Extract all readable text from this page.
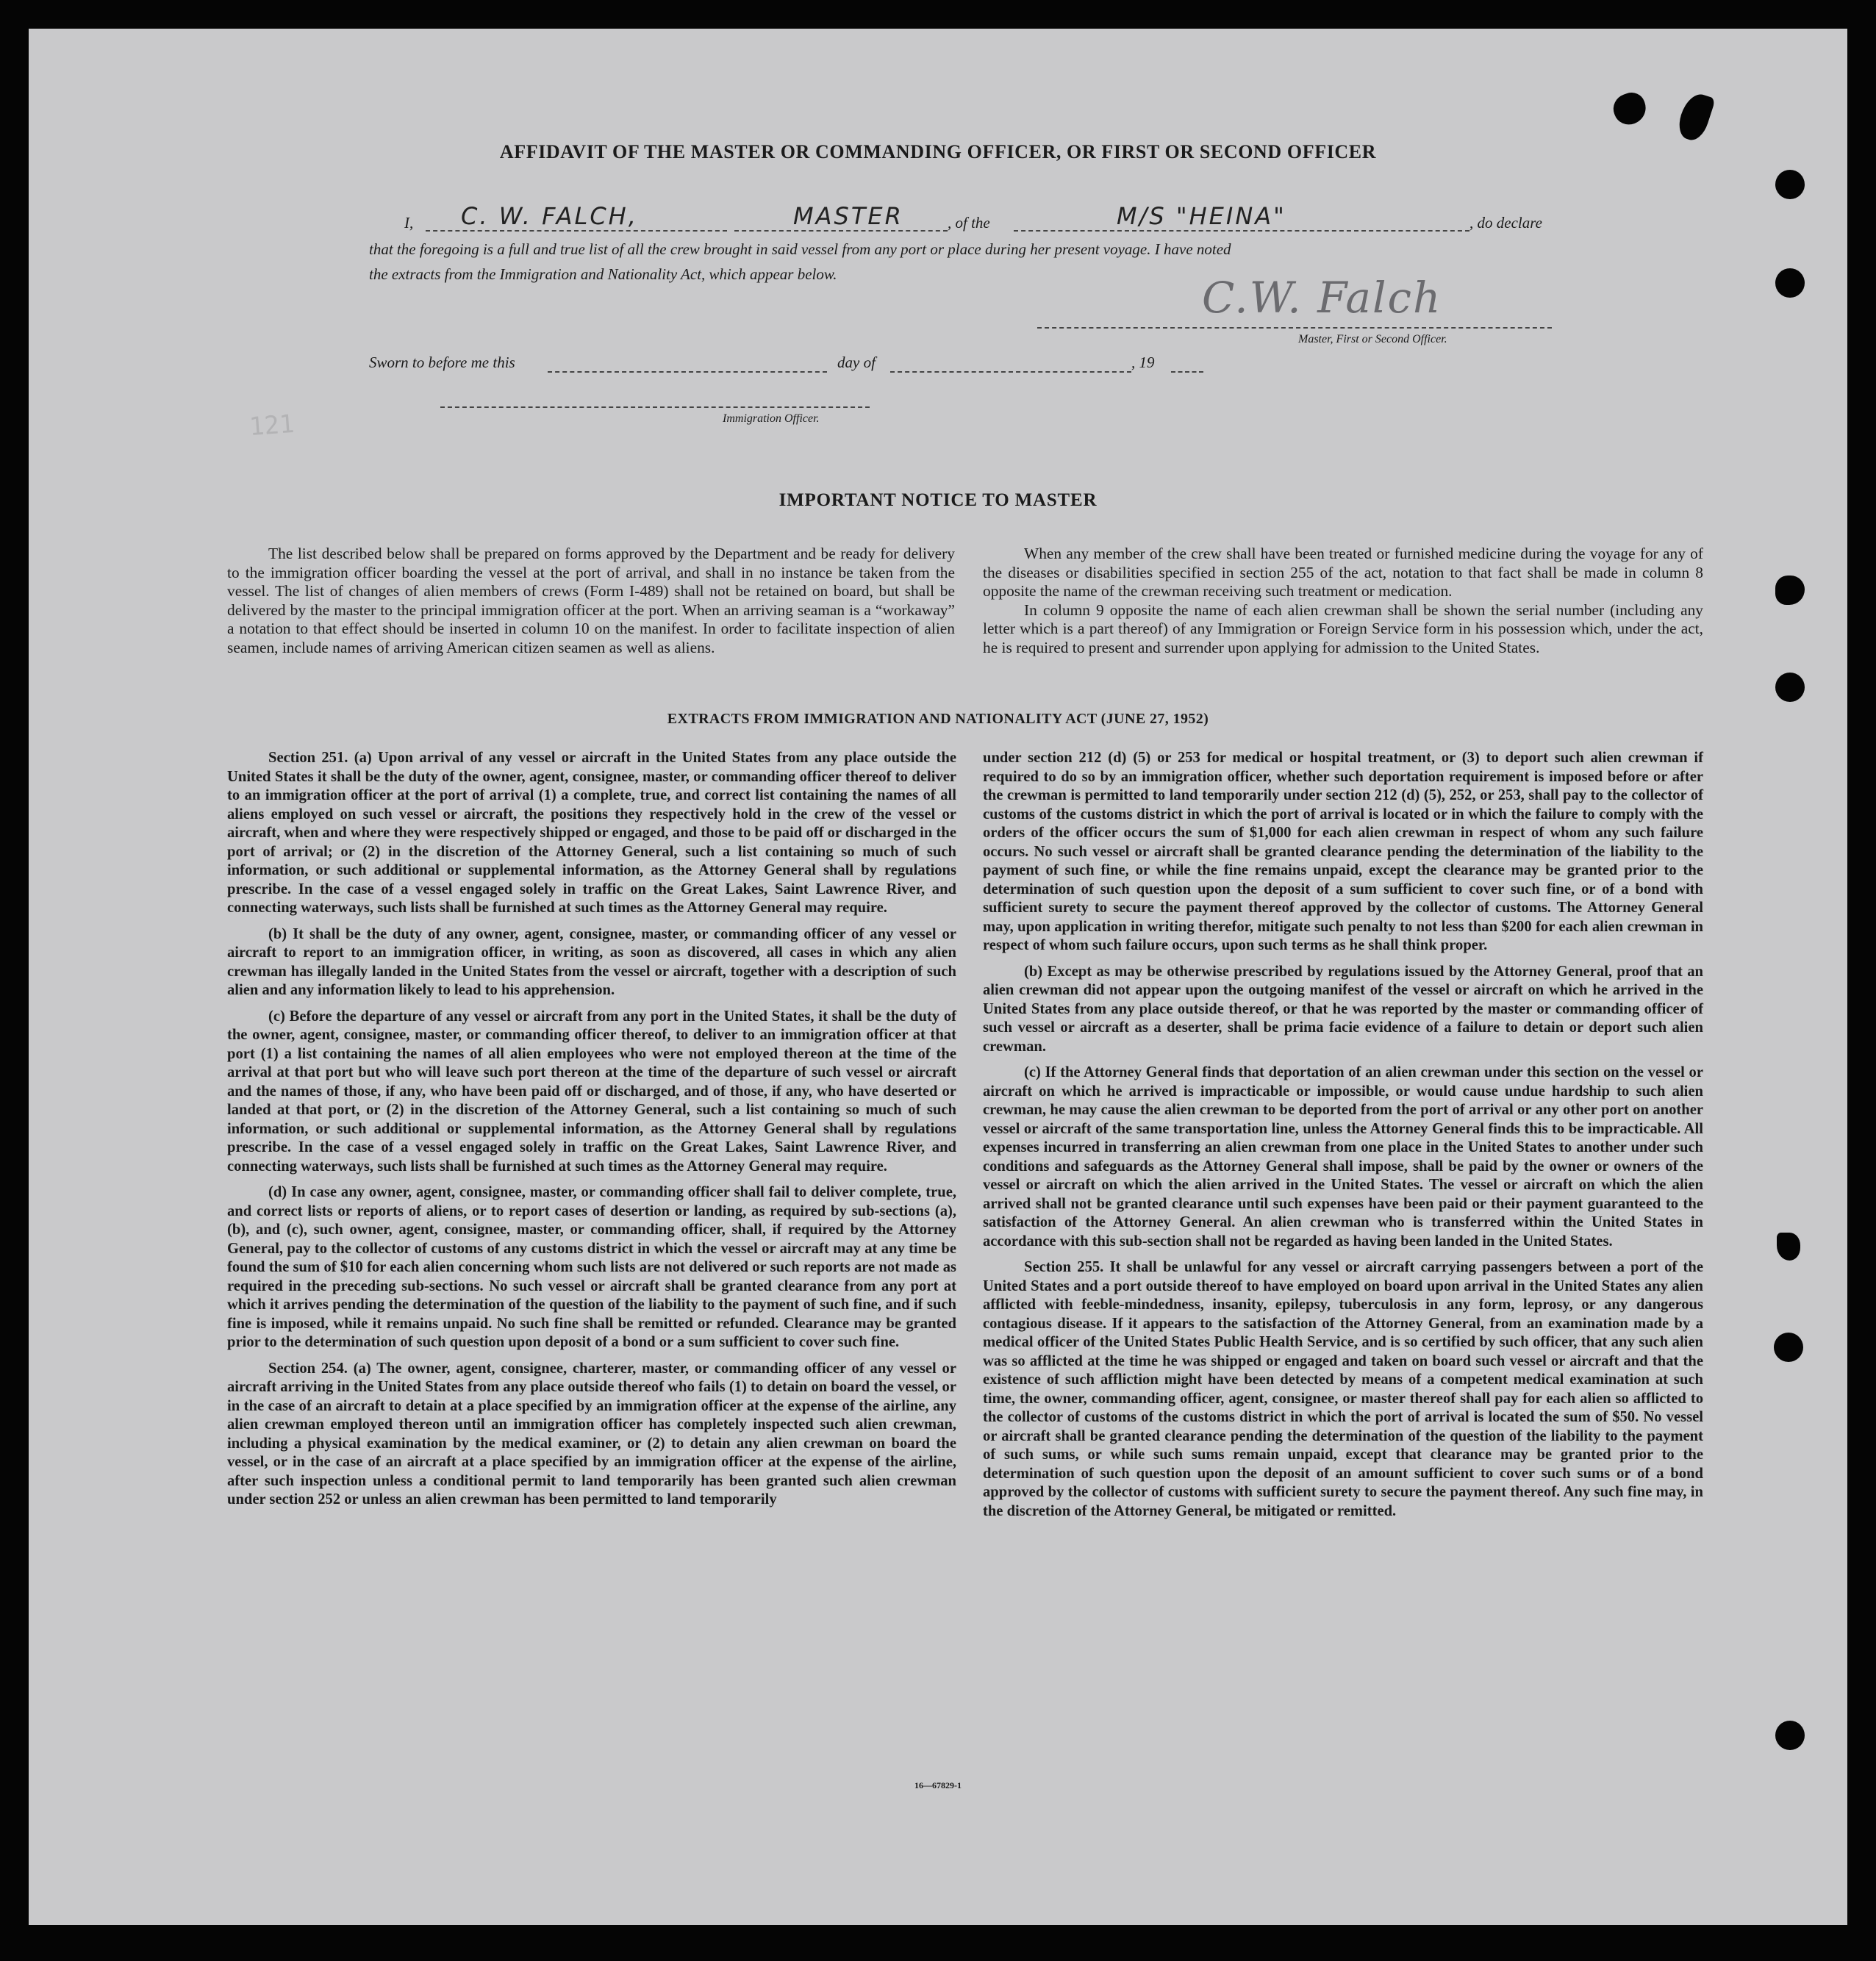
121
AFFIDAVIT OF THE MASTER OR COMMANDING OFFICER, OR FIRST OR SECOND OFFICER
I, C. W. FALCH,	MASTER	, of the	M/S "HEINA"	, do declare
that the foregoing is a full and true list of all the crew brought in said vessel from any port or place during her present voyage. I have noted
the extracts from the Immigration and Nationality Act, which appear below.	C.W. Falch
Master, First or Second Officer.
Sworn to before me this	day of	, 19
Immigration Officer.
IMPORTANT NOTICE TO MASTER

The list described below shall be prepared on forms approved by the Department and be ready for delivery to the immigration officer boarding the vessel at the port of arrival, and shall in no instance be taken from the vessel. The list of changes of alien members of crews (Form I-489) shall not be retained on board, but shall be delivered by the master to the principal immigration officer at the port. When an arriving seaman is a “workaway” a notation to that effect should be inserted in column 10 on the manifest. In order to facilitate inspection of alien seamen, include names of arriving American citizen seamen as well as aliens.

When any member of the crew shall have been treated or furnished medicine during the voyage for any of the diseases or disabilities specified in section 255 of the act, notation to that fact shall be made in column 8 opposite the name of the crewman receiving such treatment or medication.

In column 9 opposite the name of each alien crewman shall be shown the serial number (including any letter which is a part thereof) of any Immigration or Foreign Service form in his possession which, under the act, he is required to present and surrender upon applying for admission to the United States.

EXTRACTS FROM IMMIGRATION AND NATIONALITY ACT (JUNE 27, 1952)

Section 251. (a) Upon arrival of any vessel or aircraft in the United States from any place outside the United States it shall be the duty of the owner, agent, consignee, master, or commanding officer thereof to deliver to an immigration officer at the port of arrival (1) a complete, true, and correct list containing the names of all aliens employed on such vessel or aircraft, the positions they respectively hold in the crew of the vessel or aircraft, when and where they were respectively shipped or engaged, and those to be paid off or discharged in the port of arrival; or (2) in the discretion of the Attorney General, such a list containing so much of such information, or such additional or supplemental information, as the Attorney General shall by regulations prescribe. In the case of a vessel engaged solely in traffic on the Great Lakes, Saint Lawrence River, and connecting waterways, such lists shall be furnished at such times as the Attorney General may require.

(b) It shall be the duty of any owner, agent, consignee, master, or commanding officer of any vessel or aircraft to report to an immigration officer, in writing, as soon as discovered, all cases in which any alien crewman has illegally landed in the United States from the vessel or aircraft, together with a description of such alien and any information likely to lead to his apprehension.

(c) Before the departure of any vessel or aircraft from any port in the United States, it shall be the duty of the owner, agent, consignee, master, or commanding officer thereof, to deliver to an immigration officer at that port (1) a list containing the names of all alien employees who were not employed thereon at the time of the arrival at that port but who will leave such port thereon at the time of the departure of such vessel or aircraft and the names of those, if any, who have been paid off or discharged, and of those, if any, who have deserted or landed at that port, or (2) in the discretion of the Attorney General, such a list containing so much of such information, or such additional or supplemental information, as the Attorney General shall by regulations prescribe. In the case of a vessel engaged solely in traffic on the Great Lakes, Saint Lawrence River, and connecting waterways, such lists shall be furnished at such times as the Attorney General may require.

(d) In case any owner, agent, consignee, master, or commanding officer shall fail to deliver complete, true, and correct lists or reports of aliens, or to report cases of desertion or landing, as required by sub-sections (a), (b), and (c), such owner, agent, consignee, master, or commanding officer, shall, if required by the Attorney General, pay to the collector of customs of any customs district in which the vessel or aircraft may at any time be found the sum of $10 for each alien concerning whom such lists are not delivered or such reports are not made as required in the preceding sub-sections. No such vessel or aircraft shall be granted clearance from any port at which it arrives pending the determination of the question of the liability to the payment of such fine, and if such fine is imposed, while it remains unpaid. No such fine shall be remitted or refunded. Clearance may be granted prior to the determination of such question upon deposit of a bond or a sum sufficient to cover such fine.

Section 254. (a) The owner, agent, consignee, charterer, master, or commanding officer of any vessel or aircraft arriving in the United States from any place outside thereof who fails (1) to detain on board the vessel, or in the case of an aircraft to detain at a place specified by an immigration officer at the expense of the airline, any alien crewman employed thereon until an immigration officer has completely inspected such alien crewman, including a physical examination by the medical examiner, or (2) to detain any alien crewman on board the vessel, or in the case of an aircraft at a place specified by an immigration officer at the expense of the airline, after such inspection unless a conditional permit to land temporarily has been granted such alien crewman under section 252 or unless an alien crewman has been permitted to land temporarily

under section 212 (d) (5) or 253 for medical or hospital treatment, or (3) to deport such alien crewman if required to do so by an immigration officer, whether such deportation requirement is imposed before or after the crewman is permitted to land temporarily under section 212 (d) (5), 252, or 253, shall pay to the collector of customs of the customs district in which the port of arrival is located or in which the failure to comply with the orders of the officer occurs the sum of $1,000 for each alien crewman in respect of whom any such failure occurs. No such vessel or aircraft shall be granted clearance pending the determination of the liability to the payment of such fine, or while the fine remains unpaid, except the clearance may be granted prior to the determination of such question upon the deposit of a sum sufficient to cover such fine, or of a bond with sufficient surety to secure the payment thereof approved by the collector of customs. The Attorney General may, upon application in writing therefor, mitigate such penalty to not less than $200 for each alien crewman in respect of whom such failure occurs, upon such terms as he shall think proper.

(b) Except as may be otherwise prescribed by regulations issued by the Attorney General, proof that an alien crewman did not appear upon the outgoing manifest of the vessel or aircraft on which he arrived in the United States from any place outside thereof, or that he was reported by the master or commanding officer of such vessel or aircraft as a deserter, shall be prima facie evidence of a failure to detain or deport such alien crewman.

(c) If the Attorney General finds that deportation of an alien crewman under this section on the vessel or aircraft on which he arrived is impracticable or impossible, or would cause undue hardship to such alien crewman, he may cause the alien crewman to be deported from the port of arrival or any other port on another vessel or aircraft of the same transportation line, unless the Attorney General finds this to be impracticable. All expenses incurred in transferring an alien crewman from one place in the United States to another under such conditions and safeguards as the Attorney General shall impose, shall be paid by the owner or owners of the vessel or aircraft on which the alien arrived in the United States. The vessel or aircraft on which the alien arrived shall not be granted clearance until such expenses have been paid or their payment guaranteed to the satisfaction of the Attorney General. An alien crewman who is transferred within the United States in accordance with this sub-section shall not be regarded as having been landed in the United States.

Section 255. It shall be unlawful for any vessel or aircraft carrying passengers between a port of the United States and a port outside thereof to have employed on board upon arrival in the United States any alien afflicted with feeble-mindedness, insanity, epilepsy, tuberculosis in any form, leprosy, or any dangerous contagious disease. If it appears to the satisfaction of the Attorney General, from an examination made by a medical officer of the United States Public Health Service, and is so certified by such officer, that any such alien was so afflicted at the time he was shipped or engaged and taken on board such vessel or aircraft and that the existence of such affliction might have been detected by means of a competent medical examination at such time, the owner, commanding officer, agent, consignee, or master thereof shall pay for each alien so afflicted to the collector of customs of the customs district in which the port of arrival is located the sum of $50. No vessel or aircraft shall be granted clearance pending the determination of the question of the liability to the payment of such sums, or while such sums remain unpaid, except that clearance may be granted prior to the determination of such question upon the deposit of an amount sufficient to cover such sums or of a bond approved by the collector of customs with sufficient surety to secure the payment thereof. Any such fine may, in the discretion of the Attorney General, be mitigated or remitted.

16—67829-1
